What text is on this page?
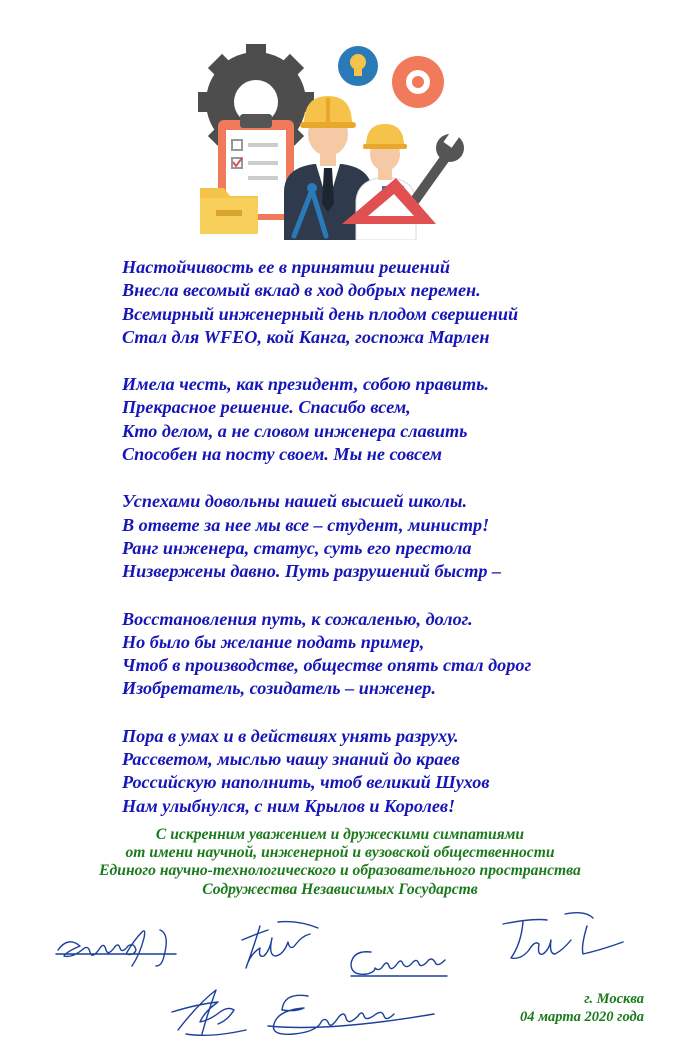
Настойчивость ее в принятии решений
Внесла весомый вклад в ход добрых перемен.
Всемирный инженерный день плодом свершений
Стал для WFEO, кой Канга, госпожа Марлен
Имела честь, как президент, собою править.
Прекрасное решение. Спасибо всем,
Кто делом, а не словом инженера славить
Способен на посту своем. Мы не совсем
Успехами довольны нашей высшей школы.
В ответе за нее мы все – студент, министр!
Ранг инженера, статус, суть его престола
Низвержены давно. Путь разрушений быстр –
Восстановления путь, к сожаленью, долог.
Но было бы желание подать пример,
Чтоб в производстве, обществе опять стал дорог
Изобретатель, созидатель – инженер.
Пора в умах и в действиях унять разруху.
Рассветом, мыслью чашу знаний до краев
Российскую наполнить, чтоб великий Шухов
Нам улыбнулся, с ним Крылов и Королев!
С искренним уважением и дружескими симпатиями
от имени научной, инженерной и вузовской общественности
Единого научно-технологического и образовательного пространства
Содружества Независимых Государств
г. Москва
04 марта 2020 года
